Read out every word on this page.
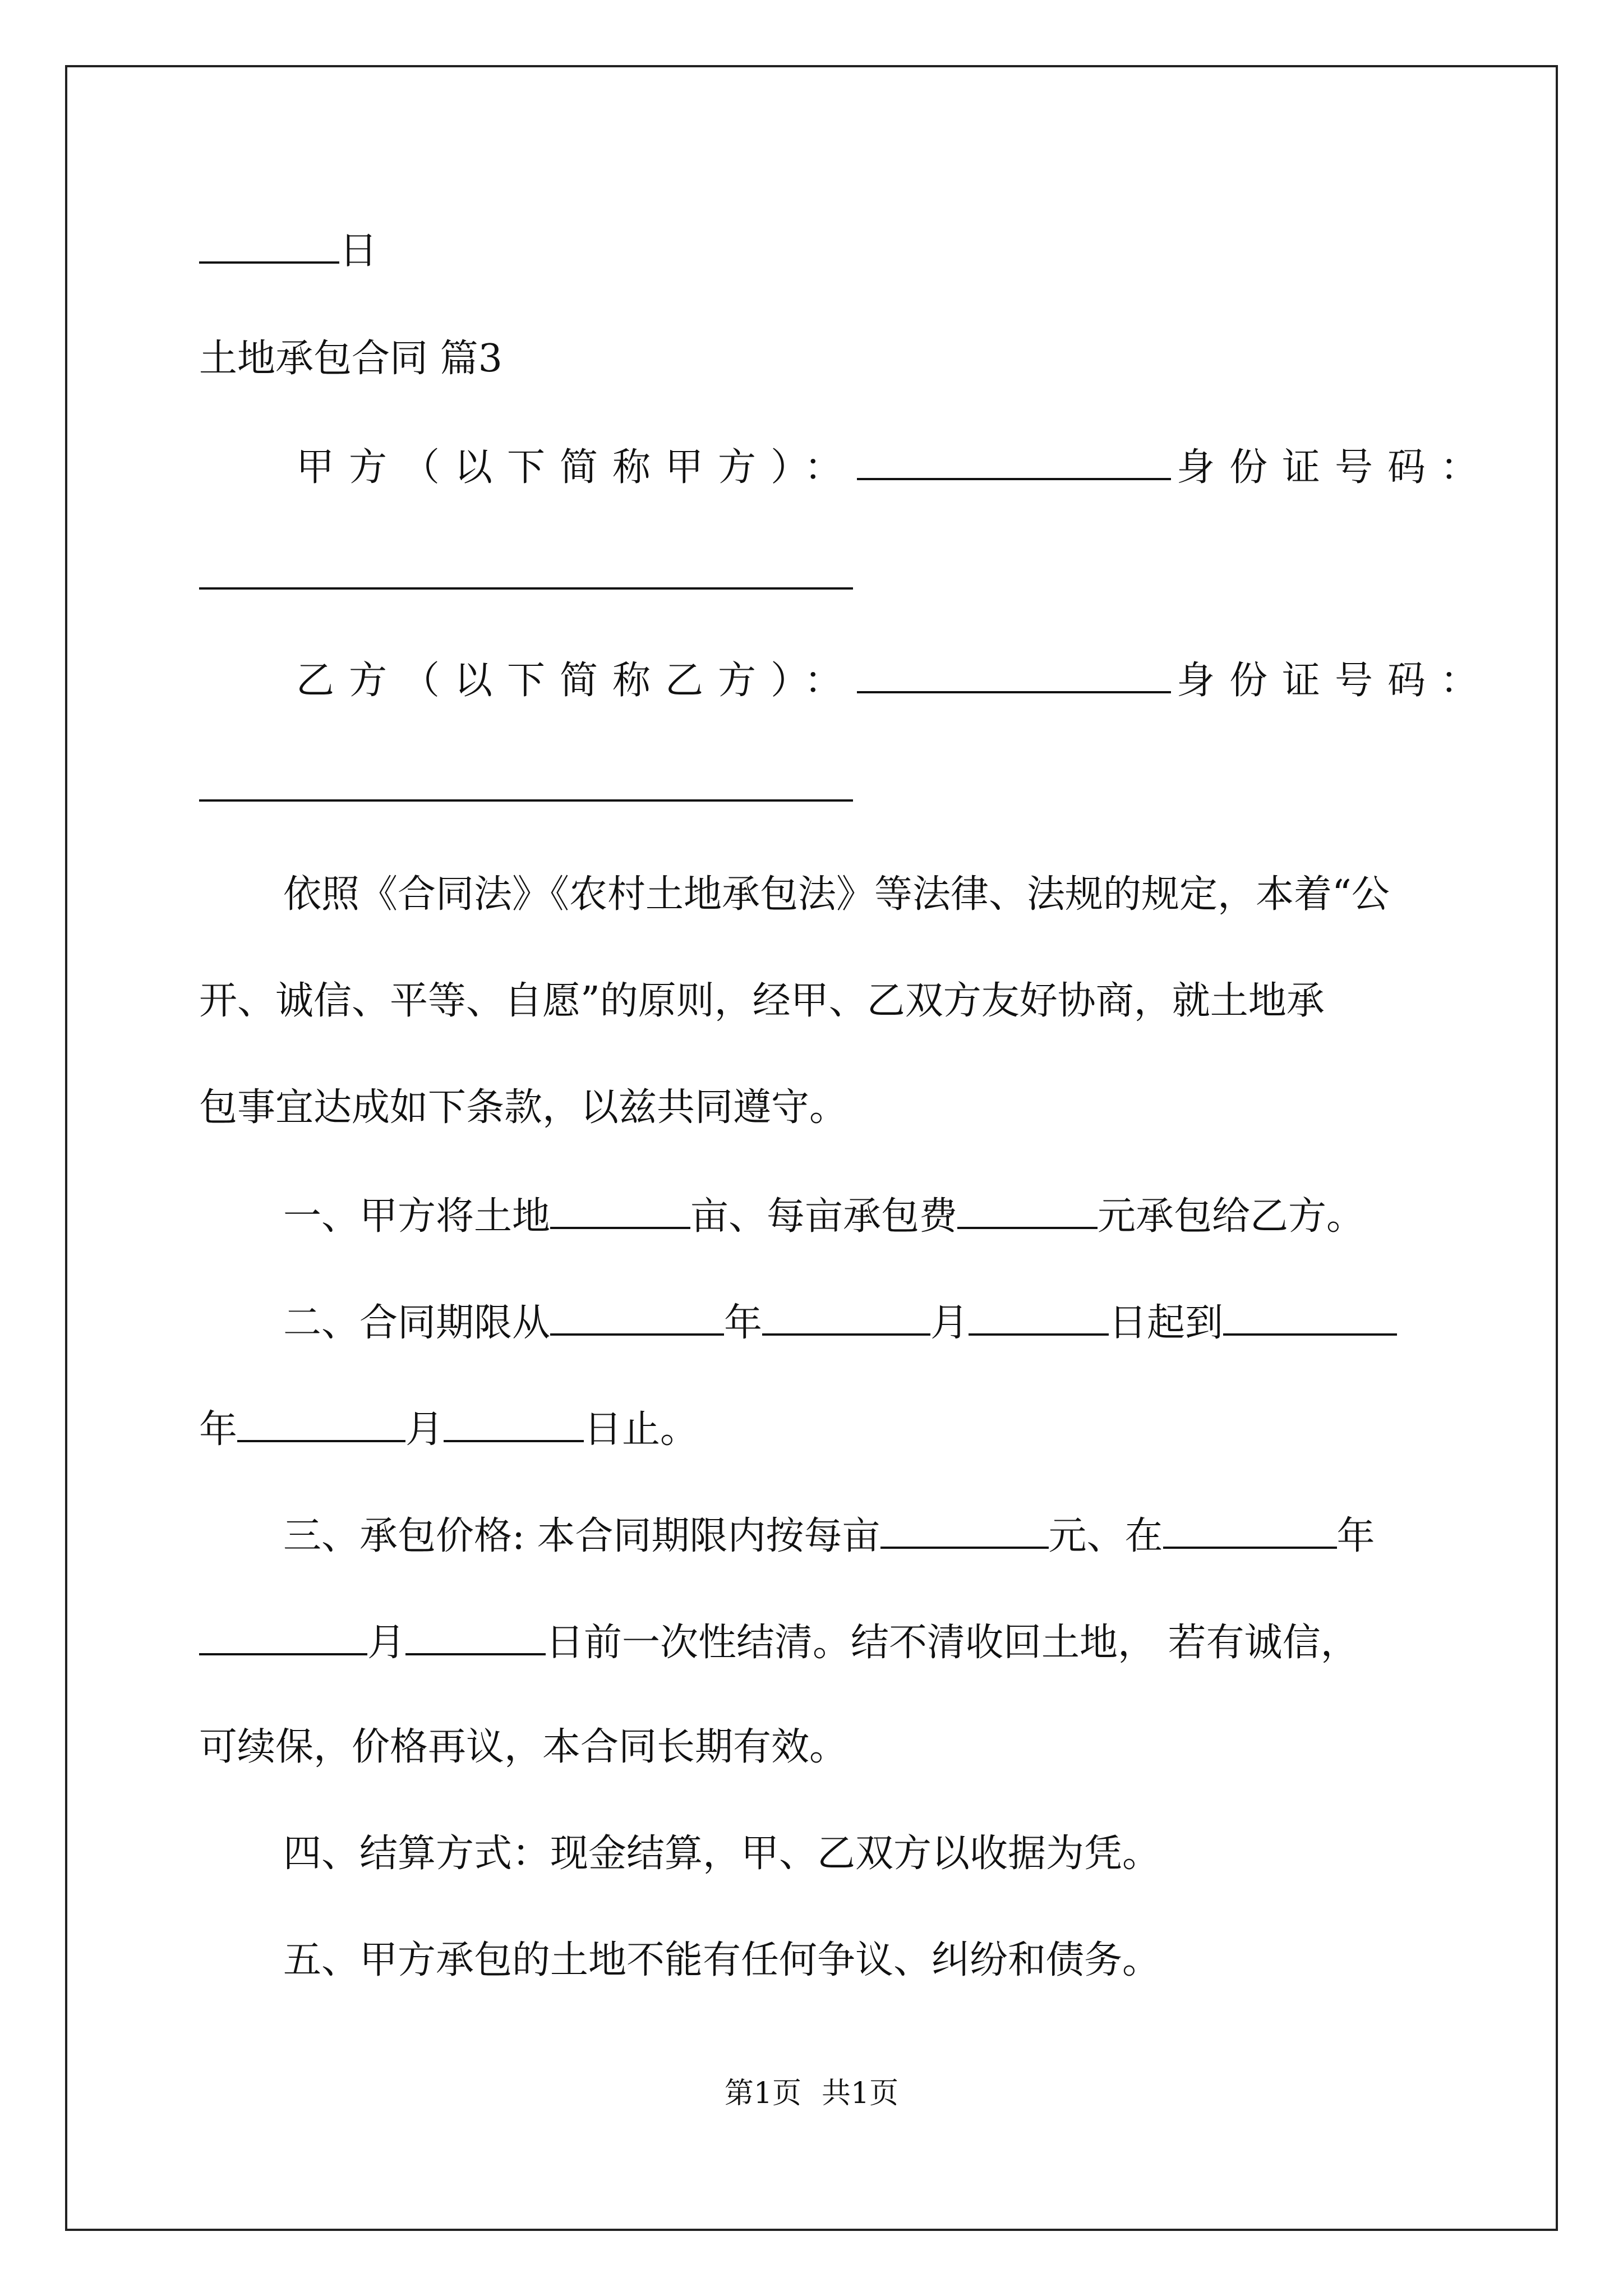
日
土地承包合同 篇3
甲方（以下简称甲方）：	身份证号码：
乙方（以下简称乙方）：	身份证号码：
依照《合同法》《农村土地承包法》等法律、法规的规定，本着“公
开、诚信、平等、自愿”的原则，经甲、乙双方友好协商，就土地承
包事宜达成如下条款，以兹共同遵守。
一、甲方将土地	亩、每亩承包费	元承包给乙方。
二、合同期限从	年	月	日起到
年	月	日止。
三、承包价格: 本合同期限内按每亩	元、在	年
月	日前一次性结清。结不清收回土地， 若有诚信，
可续保，价格再议，本合同长期有效。
四、结算方式：现金结算，甲、乙双方以收据为凭。
五、甲方承包的土地不能有任何争议、纠纷和债务。
第1页 共1页
